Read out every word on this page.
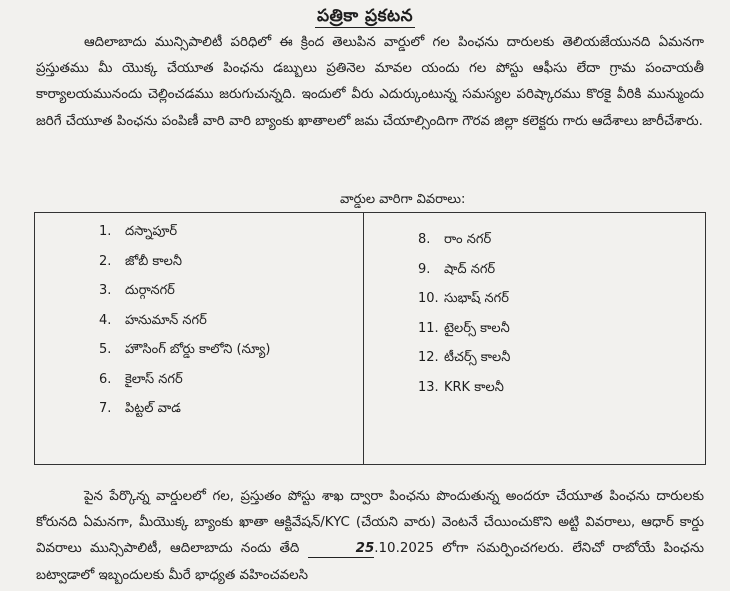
పత్రికా ప్రకటన

ఆదిలాబాదు మున్సిపాలిటీ పరిధిలో ఈ క్రింద తెలుపిన వార్డులో గల పింఛను దారులకు తెలియజేయునది ఏమనగా ప్రస్తుతము మీ యొక్క చేయూత పింఛను డబ్బులు ప్రతినెల మావల యందు గల పోస్టు ఆఫీసు లేదా గ్రామ పంచాయతీ కార్యాలయమునందు చెల్లించడము జరుగుచున్నది. ఇందులో వీరు ఎదుర్కుంటున్న సమస్యల పరిష్కారము కొరకై వీరికి మున్ముందు జరిగే చేయూత పింఛను పంపిణీ వారి వారి బ్యాంకు ఖాతాలలో జమ చేయాల్సిందిగా గౌరవ జిల్లా కలెక్టరు గారు ఆదేశాలు జారీచేశారు.

వార్డుల వారిగా వివరాలు:
1. దస్నాపూర్
2. జోబీ కాలనీ
3. దుర్గానగర్
4. హనుమాన్ నగర్
5. హౌసింగ్ బోర్డు కాలోని (న్యూ)
6. కైలాస్ నగర్
7. పిట్టల్ వాడ
8. రాం నగర్
9. షాద్ నగర్
10. సుభాష్ నగర్
11. టైలర్స్ కాలనీ
12. టీచర్స్ కాలనీ
13. KRK కాలనీ

పైన పేర్కొన్న వార్డులలో గల, ప్రస్తుతం పోస్టు శాఖ ద్వారా పింఛను పొందుతున్న అందరూ చేయూత పింఛను దారులకు కోరునది ఏమనగా, మీయొక్క బ్యాంకు ఖాతా ఆక్టివేషన్/KYC (చేయని వారు) వెంటనే చేయించుకొని అట్టి వివరాలు, ఆధార్ కార్డు వివరాలు మున్సిపాలిటీ, ఆదిలాబాదు నందు తేది	25.10.2025 లోగా సమర్పించగలరు. లేనిచో రాబోయే పింఛను బట్వాడాలో ఇబ్బందులకు మీరే భాధ్యత వహించవలసి
